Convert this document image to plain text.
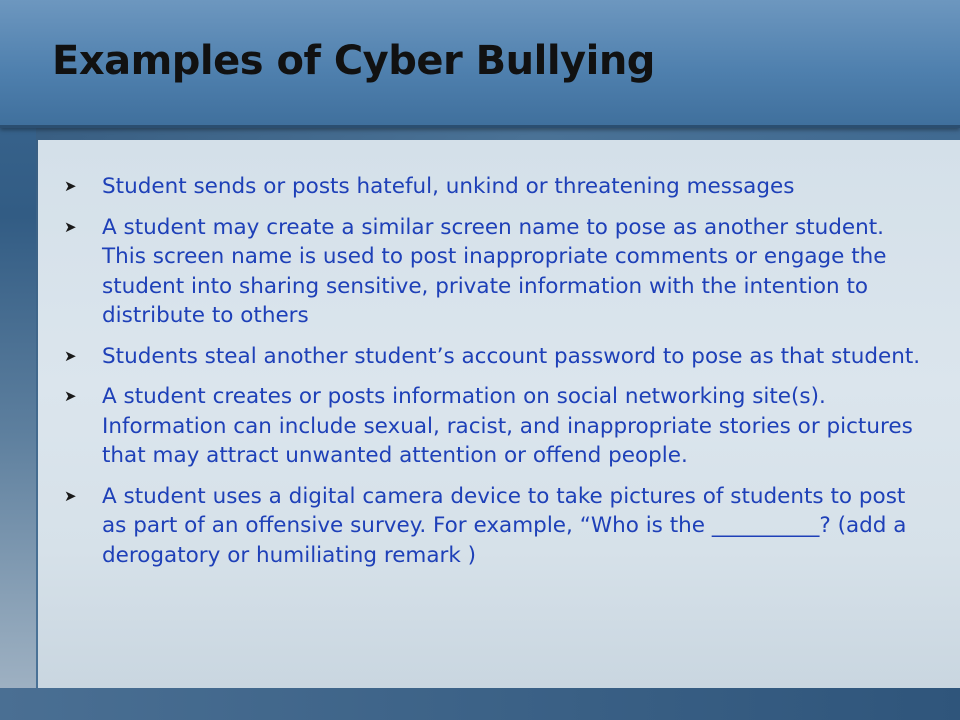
Examples of Cyber Bullying
​
➤	Student sends or posts hateful, unkind or threatening messages
➤	A student may create a similar screen name to pose as another student. This screen name is used to post inappropriate comments or engage the student into sharing sensitive, private information with the intention to distribute to others
➤	Students steal another student’s account password to pose as that student.
➤	A student creates or posts information on social networking site(s). Information can include sexual, racist, and inappropriate stories or pictures that may attract unwanted attention or offend people.
➤	A student uses a digital camera device to take pictures of students to post as part of an offensive survey. For example, “Who is the __________? (add a derogatory or humiliating remark )
